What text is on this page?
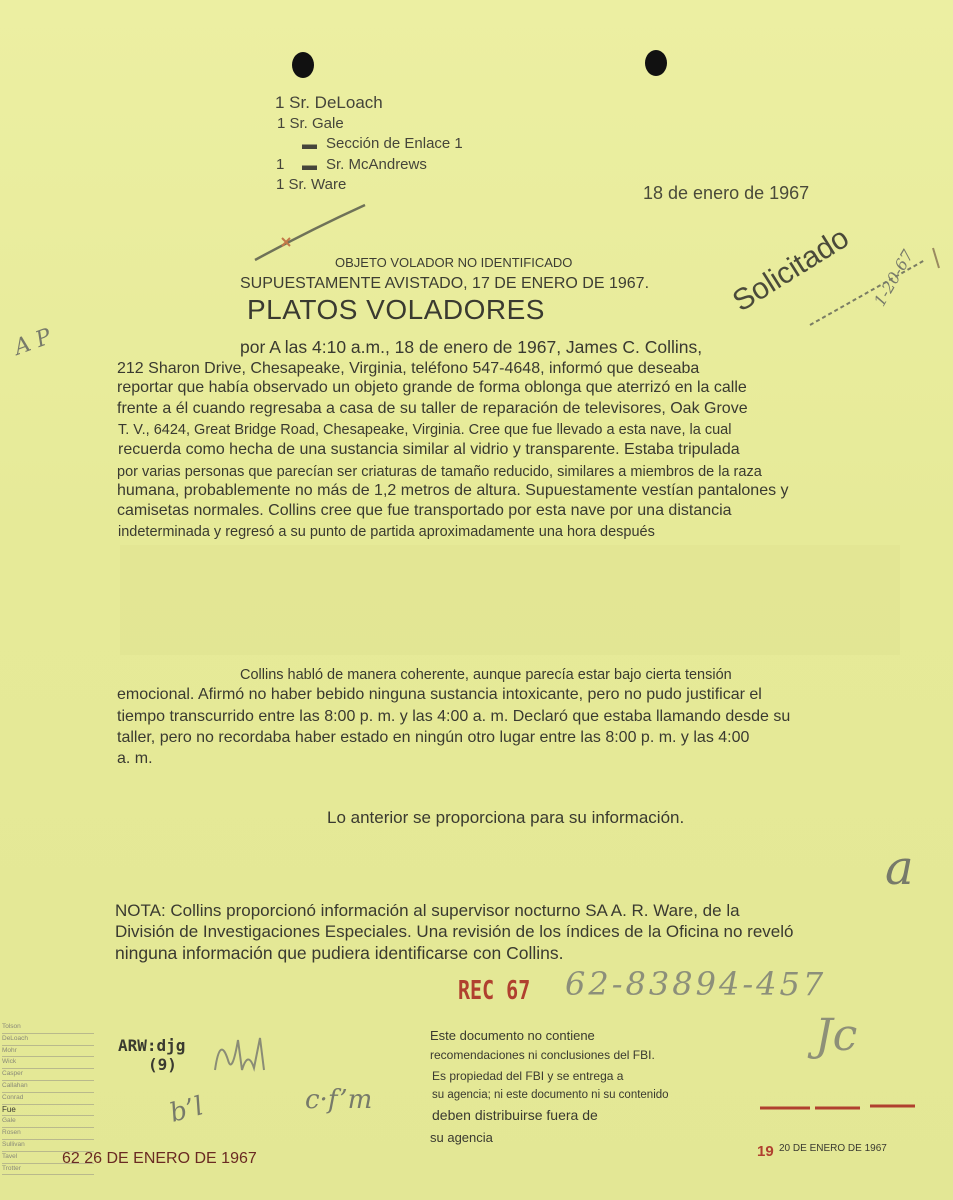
1 Sr. DeLoach
1 Sr. Gale
▬ Sección de Enlace 1
1 ▬ Sr. McAndrews
1 Sr. Ware	18 de enero de 1967
OBJETO VOLADOR NO IDENTIFICADO
SUPUESTAMENTE AVISTADO, 17 DE ENERO DE 1967.
PLATOS VOLADORES	Solicitado 1-20-67
A P	por A las 4:10 a.m., 18 de enero de 1967, James C. Collins,
212 Sharon Drive, Chesapeake, Virginia, teléfono 547-4648, informó que deseaba
reportar que había observado un objeto grande de forma oblonga que aterrizó en la calle
frente a él cuando regresaba a casa de su taller de reparación de televisores, Oak Grove
T. V., 6424, Great Bridge Road, Chesapeake, Virginia. Cree que fue llevado a esta nave, la cual
recuerda como hecha de una sustancia similar al vidrio y transparente. Estaba tripulada
por varias personas que parecían ser criaturas de tamaño reducido, similares a miembros de la raza
humana, probablemente no más de 1,2 metros de altura. Supuestamente vestían pantalones y
camisetas normales. Collins cree que fue transportado por esta nave por una distancia
indeterminada y regresó a su punto de partida aproximadamente una hora después
Collins habló de manera coherente, aunque parecía estar bajo cierta tensión
emocional. Afirmó no haber bebido ninguna sustancia intoxicante, pero no pudo justificar el
tiempo transcurrido entre las 8:00 p. m. y las 4:00 a. m. Declaró que estaba llamando desde su
taller, pero no recordaba haber estado en ningún otro lugar entre las 8:00 p. m. y las 4:00
a. m.
Lo anterior se proporciona para su información.
a
NOTA: Collins proporcionó información al supervisor nocturno SA A. R. Ware, de la
División de Investigaciones Especiales. Una revisión de los índices de la Oficina no reveló
ninguna información que pudiera identificarse con Collins.
REC 67 62-83894-457
Tolson
DeLoach
Mohr
Wick
Casper
Callahan
Conrad
Fue
Gale
Rosen
Sullivan
Tavel
Trotter
ARW:djg
(9)
b’l	c·f’m
Este documento no contiene
recomendaciones ni conclusiones del FBI.
Es propiedad del FBI y se entrega a
su agencia; ni este documento ni su contenido
deben distribuirse fuera de
su agencia
Jc
62 26 DE ENERO DE 1967	19 20 DE ENERO DE 1967
